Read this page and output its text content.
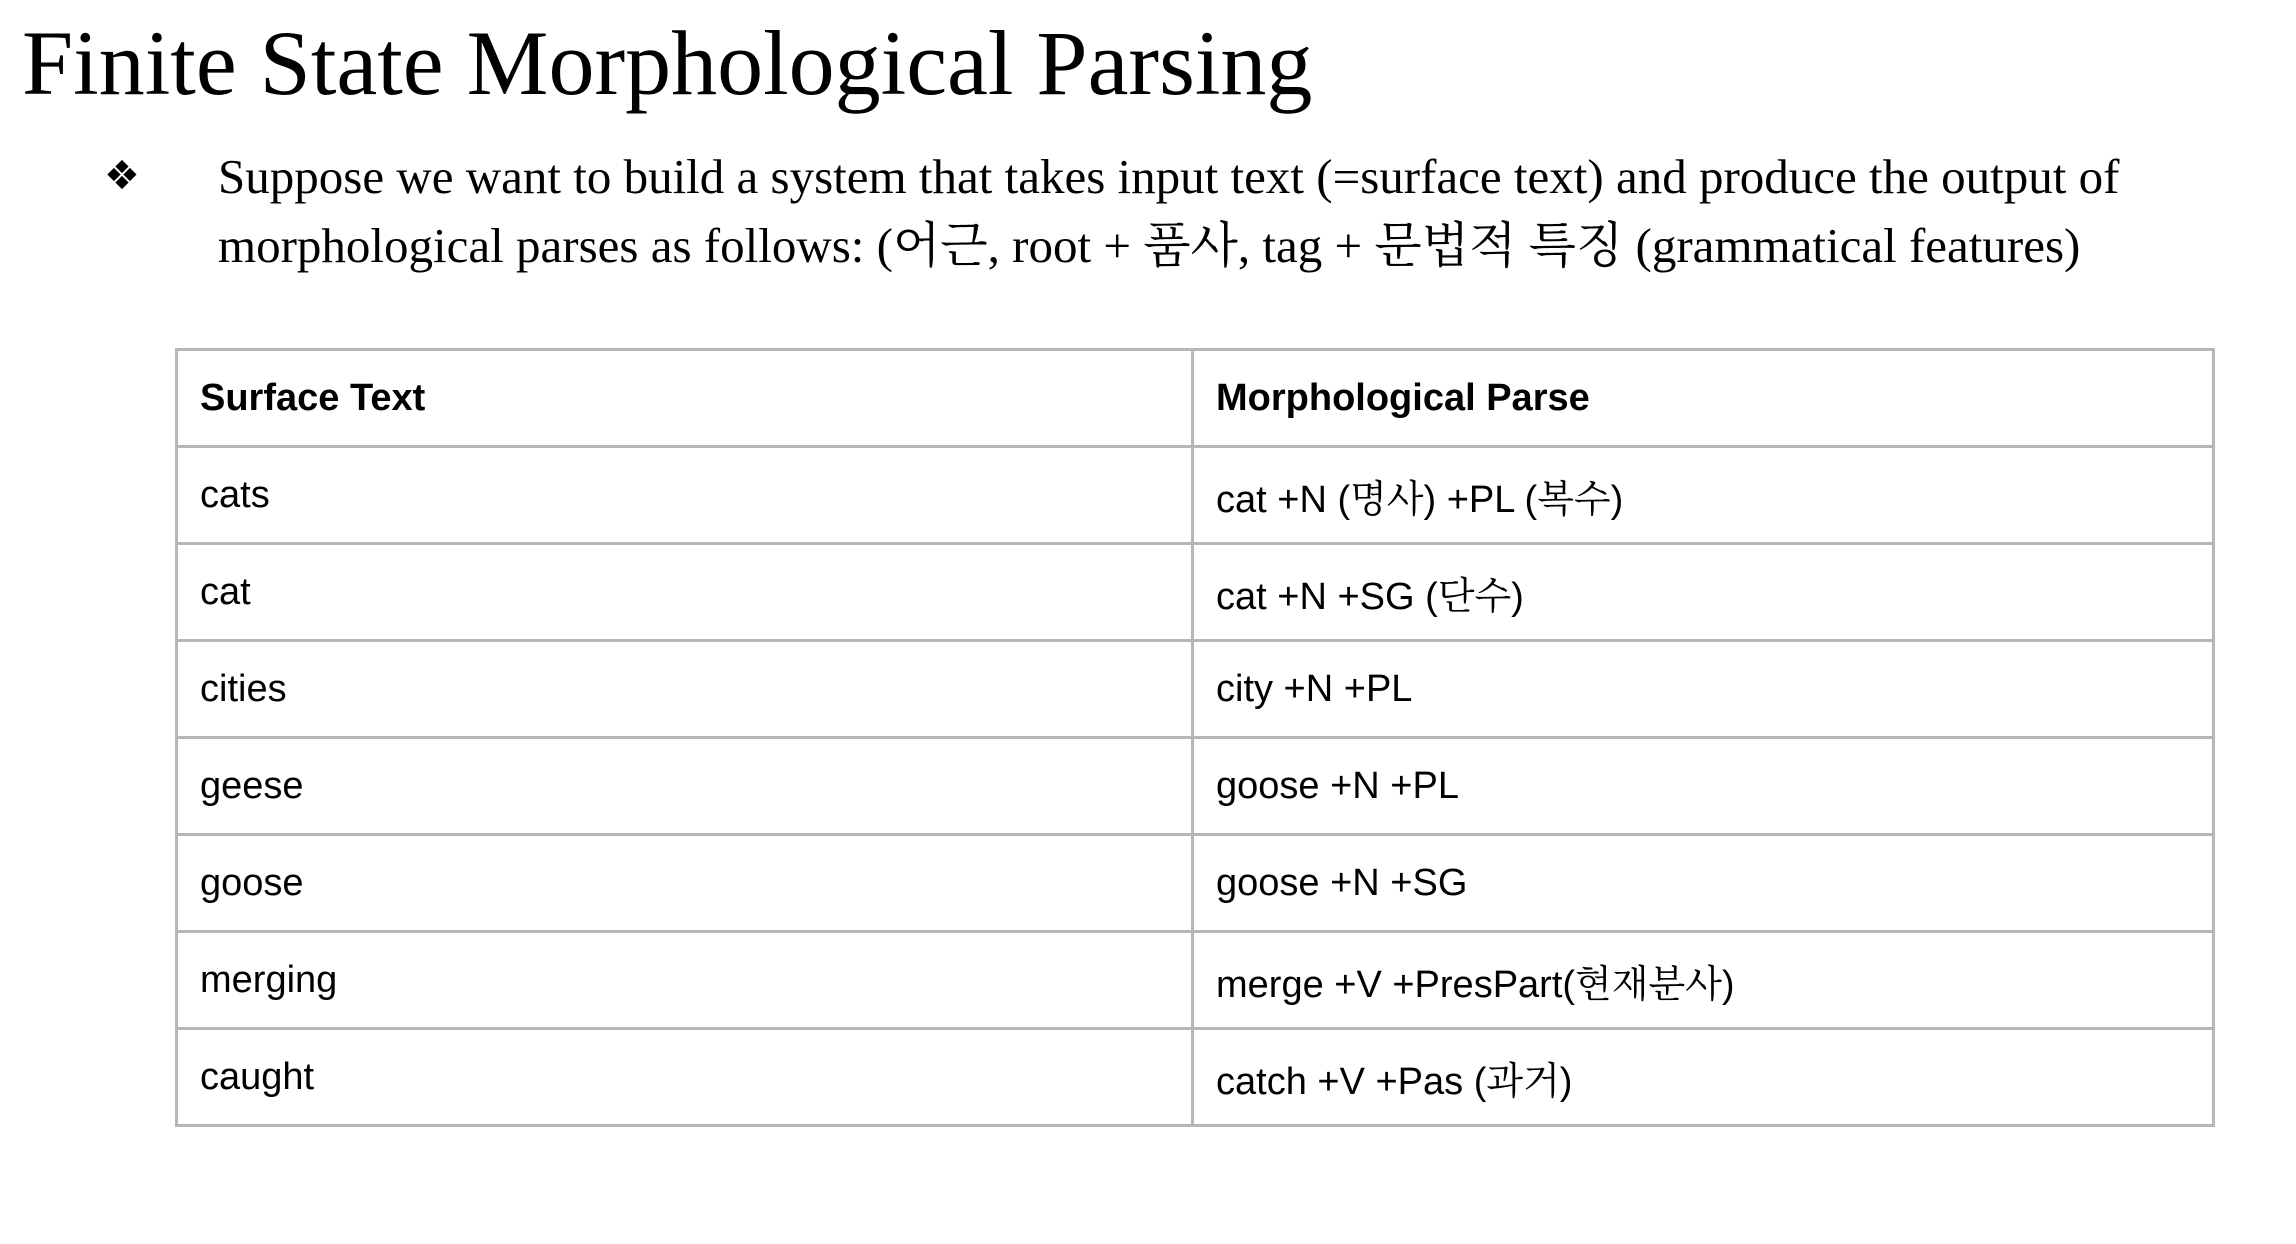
Finite State Morphological Parsing
❖ Suppose we want to build a system that takes input text (=surface text) and produce the output of
morphological parses as follows: (어근, root + 품사, tag + 문법적 특징 (grammatical features)
Surface Text	Morphological Parse
cats	cat +N (명사) +PL (복수)
cat	cat +N +SG (단수)
cities	city +N +PL
geese	goose +N +PL
goose	goose +N +SG
merging	merge +V +PresPart(현재분사)
caught	catch +V +Pas (과거)
